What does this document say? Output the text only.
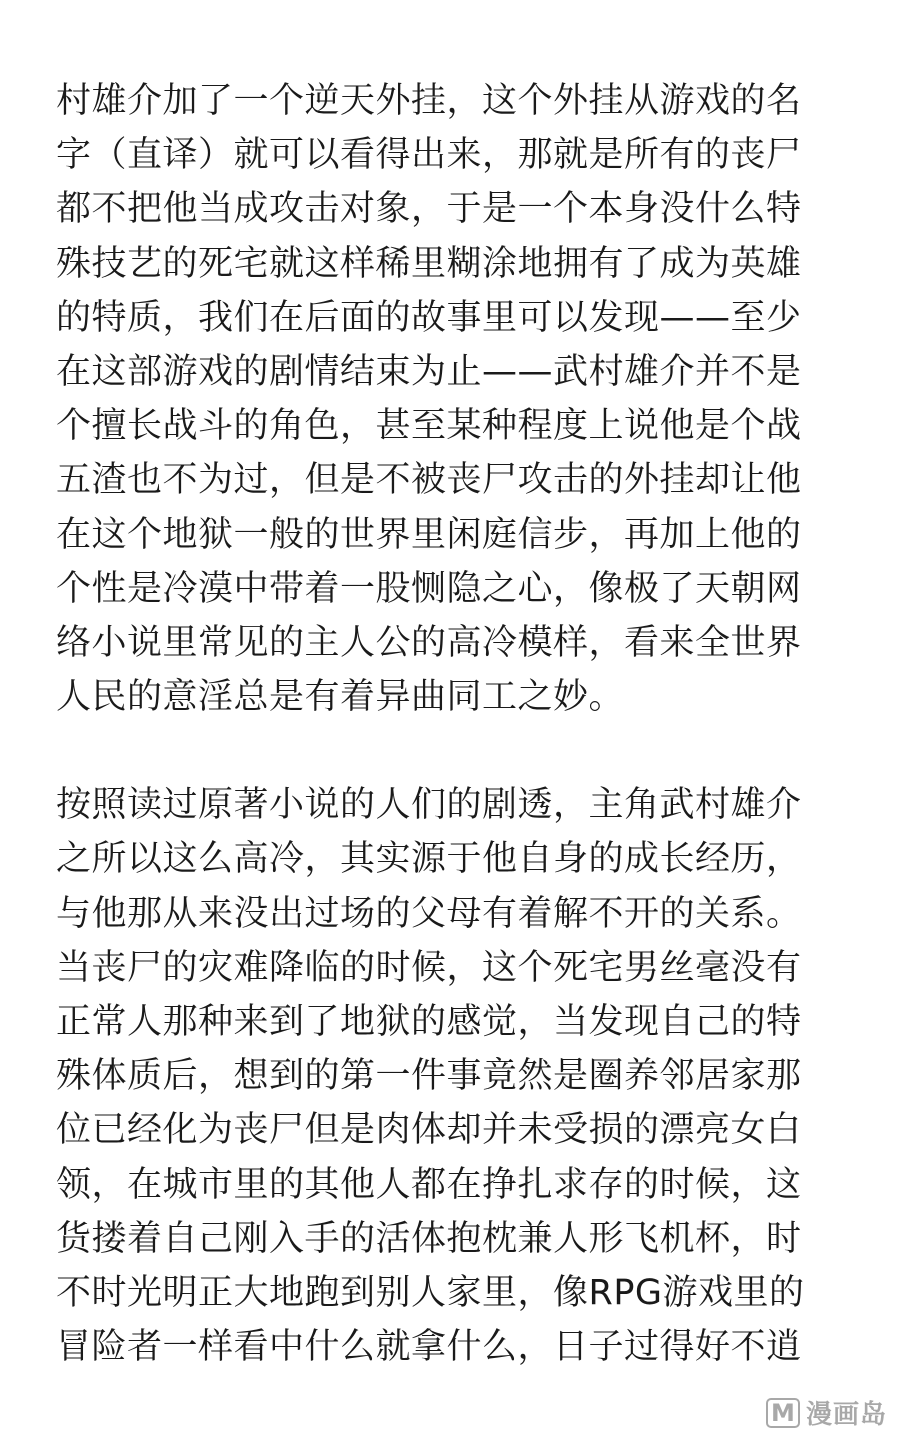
村雄介加了一个逆天外挂，这个外挂从游戏的名
字（直译）就可以看得出来，那就是所有的丧尸
都不把他当成攻击对象，于是一个本身没什么特
殊技艺的死宅就这样稀里糊涂地拥有了成为英雄
的特质，我们在后面的故事里可以发现——至少
在这部游戏的剧情结束为止——武村雄介并不是
个擅长战斗的角色，甚至某种程度上说他是个战
五渣也不为过，但是不被丧尸攻击的外挂却让他
在这个地狱一般的世界里闲庭信步，再加上他的
个性是冷漠中带着一股恻隐之心，像极了天朝网
络小说里常见的主人公的高冷模样，看来全世界
人民的意淫总是有着异曲同工之妙。
按照读过原著小说的人们的剧透，主角武村雄介
之所以这么高冷，其实源于他自身的成长经历，
与他那从来没出过场的父母有着解不开的关系。
当丧尸的灾难降临的时候，这个死宅男丝毫没有
正常人那种来到了地狱的感觉，当发现自己的特
殊体质后，想到的第一件事竟然是圈养邻居家那
位已经化为丧尸但是肉体却并未受损的漂亮女白
领，在城市里的其他人都在挣扎求存的时候，这
货搂着自己刚入手的活体抱枕兼人形飞机杯，时
不时光明正大地跑到别人家里，像RPG游戏里的
冒险者一样看中什么就拿什么，日子过得好不逍
M 漫画岛
